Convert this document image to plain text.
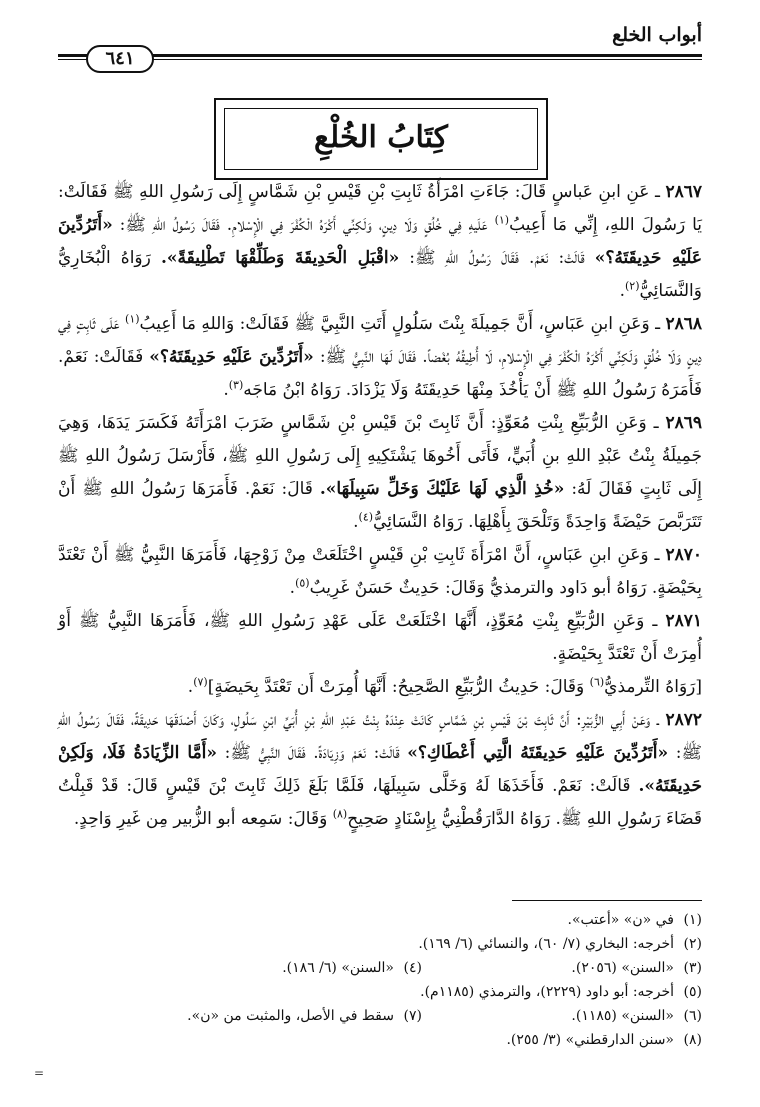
أبواب الخلع
٦٤١
كِتَابُ الخُلْعِ

٢٨٦٧ ـ عَنِ ابنِ عَباسٍ قَالَ: جَاءَتِ امْرَأَةُ ثَابِتِ بْنِ قَيْسِ بْنِ شَمَّاسٍ إِلَى رَسُولِ اللهِ ﷺ فَقَالَتْ: يَا رَسُولَ اللهِ، إِنِّي مَا أَعِيبُ$^{(١)}$ عَلَيهِ فِي خُلُقٍ وَلَا دِينٍ، وَلَكِنِّي أَكْرَهُ الْكُفْرَ فِي الْإِسْلامِ. فَقَالَ رَسُولُ اللهِ ﷺ: «أَتَرُدِّينَ عَلَيْهِ حَدِيقَتَهُ؟» قَالَتْ: نَعَمْ. فَقَالَ رَسُولُ اللهِ ﷺ: «اقْبَلِ الْحَدِيقَةَ وَطَلِّقْهَا تَطْلِيقَةً». رَوَاهُ الْبُخَارِيُّ وَالنَّسَائِيُّ$^{(٢)}$.

٢٨٦٨ ـ وَعَنِ ابنِ عَبَاسٍ، أَنَّ جَمِيلَةَ بِنْتَ سَلُولٍ أَتَتِ النَّبِيَّ ﷺ فَقَالَتْ: وَاللهِ مَا أَعِيبُ$^{(١)}$ عَلَى ثَابِتٍ فِي دِينٍ وَلَا خُلُقٍ وَلَكِنِّي أَكْرَهُ الْكُفْرَ فِي الْإِسْلامِ، لَا أُطِيقُهُ بُغْضاً. فَقَالَ لَهَا النَّبِيُّ ﷺ: «أَتَرُدِّينَ عَلَيْهِ حَدِيقَتَهُ؟» فَقَالَتْ: نَعَمْ. فَأَمَرَهُ رَسُولُ اللهِ ﷺ أَنْ يَأْخُذَ مِنْهَا حَدِيقَتَهُ وَلَا يَزْدَادَ. رَوَاهُ ابْنُ مَاجَه$^{(٣)}$.

٢٨٦٩ ـ وَعَنِ الرُّبَيِّعِ بِنْتِ مُعَوِّذٍ: أَنَّ ثَابِتَ بْنَ قَيْسِ بْنِ شَمَّاسٍ ضَرَبَ امْرَأَتَهُ فَكَسَرَ يَدَهَا، وَهِيَ جَمِيلَةُ بِنْتُ عَبْدِ اللهِ بنِ أُبَيٍّ، فَأَتَى أَخُوهَا يَشْتَكِيهِ إِلَى رَسُولِ اللهِ ﷺ، فَأَرْسَلَ رَسُولُ اللهِ ﷺ إِلَى ثَابِتٍ فَقَالَ لَهُ: «خُذِ الَّذِي لَهَا عَلَيْكَ وَخَلِّ سَبِيلَهَا». قَالَ: نَعَمْ. فَأَمَرَهَا رَسُولُ اللهِ ﷺ أَنْ تَتَرَبَّصَ حَيْضَةً وَاحِدَةً وَتَلْحَقَ بِأَهْلِهَا. رَوَاهُ النَّسَائِيُّ$^{(٤)}$.

٢٨٧٠ ـ وَعَنِ ابنِ عَبَاسٍ، أَنَّ امْرَأَةَ ثَابِتِ بْنِ قَيْسٍ اخْتَلَعَتْ مِنْ زَوْجِهَا، فَأَمَرَهَا النَّبِيُّ ﷺ أَنْ تَعْتَدَّ بِحَيْضَةٍ. رَوَاهُ أبو دَاود والترمذيُّ وَقَالَ: حَدِيثٌ حَسَنٌ غَرِيبٌ$^{(٥)}$.

٢٨٧١ ـ وَعَنِ الرُّبَيِّعِ بِنْتِ مُعَوِّذٍ، أَنَّهَا اخْتَلَعَتْ عَلَى عَهْدِ رَسُولِ اللهِ ﷺ، فَأَمَرَهَا النَّبِيُّ ﷺ أَوْ أُمِرَتْ أَنْ تَعْتَدَّ بِحَيْضَةٍ.

[رَوَاهُ التِّرمذيُّ$^{(٦)}$ وَقَالَ: حَدِيثُ الرُّبَيِّعِ الصَّحِيحُ: أَنَّهَا أُمِرَتْ أَن تَعْتَدَّ بِحَيضَةٍ]$^{(٧)}$.

٢٨٧٢ ـ وَعَنْ أَبِي الزُّبَيْرِ: أَنَّ ثَابِتَ بْنَ قَيْسِ بْنِ شَمَّاسٍ كَانَتْ عِنْدَهُ بِنْتُ عَبْدِ اللهِ بْنِ أُبَيِّ ابْنِ سَلُولٍ، وَكَانَ أَصْدَقَهَا حَدِيقَةً، فَقَالَ رَسُولُ اللهِ ﷺ: «أَتَرُدِّينَ عَلَيْهِ حَدِيقَتَهُ الَّتِي أَعْطَاكِ؟» قَالَتْ: نَعَمْ وَزِيَادَةً. فَقَالَ النَّبِيُّ ﷺ: «أَمَّا الزِّيَادَةُ فَلَا، وَلَكِنْ حَدِيقَتَهُ». قَالَتْ: نَعَمْ. فَأَخَذَهَا لَهُ وَخَلَّى سَبِيلَهَا، فَلَمَّا بَلَغَ ذَلِكَ ثَابِتَ بْنَ قَيْسٍ قَالَ: قَدْ قَبِلْتُ قَضَاءَ رَسُولِ اللهِ ﷺ. رَوَاهُ الدَّارَقُطْنِيُّ بِإِسْنَادٍ صَحِيحٍ$^{(٨)}$ وَقَالَ: سَمِعه أبو الزُّبير مِن غَيرِ وَاحِدٍ.

(١)في «ن» «أعتب».
(٢)أخرجه: البخاري (٧/ ٦٠)، والنسائي (٦/ ١٦٩).
(٣)«السنن» (٢٠٥٦).
(٤)«السنن» (٦/ ١٨٦).
(٥)أخرجه: أبو داود (٢٢٢٩)، والترمذي (١١٨٥م).
(٦)«السنن» (١١٨٥).
(٧)سقط في الأصل، والمثبت من «ن».
(٨)«سنن الدارقطني» (٣/ ٢٥٥).
=
